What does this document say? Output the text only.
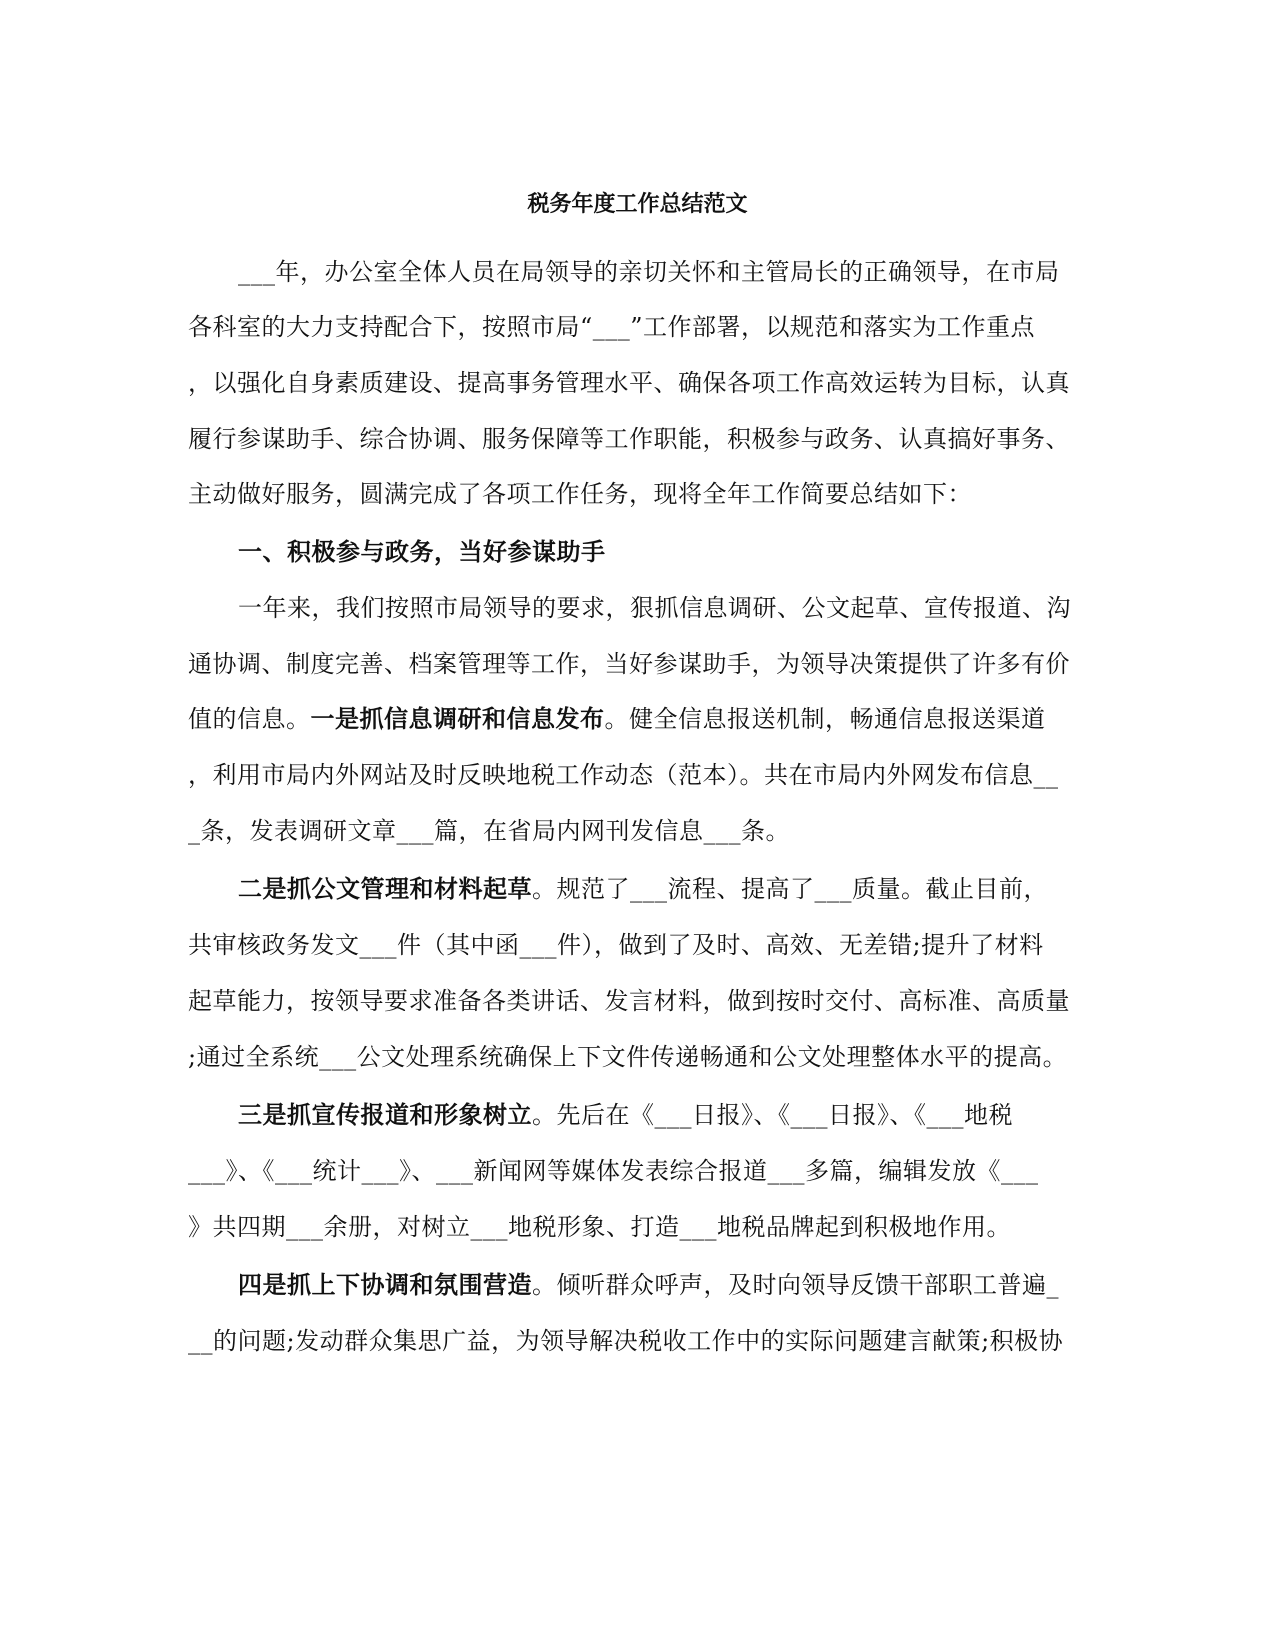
税务年度工作总结范文
___年，办公室全体人员在局领导的亲切关怀和主管局长的正确领导，在市局
各科室的大力支持配合下，按照市局“___”工作部署，以规范和落实为工作重点
，以强化自身素质建设、提高事务管理水平、确保各项工作高效运转为目标，认真
履行参谋助手、综合协调、服务保障等工作职能，积极参与政务、认真搞好事务、
主动做好服务，圆满完成了各项工作任务，现将全年工作简要总结如下：
一、积极参与政务，当好参谋助手
一年来，我们按照市局领导的要求，狠抓信息调研、公文起草、宣传报道、沟
通协调、制度完善、档案管理等工作，当好参谋助手，为领导决策提供了许多有价
值的信息。一是抓信息调研和信息发布。健全信息报送机制，畅通信息报送渠道
，利用市局内外网站及时反映地税工作动态（范本）。共在市局内外网发布信息__
_条，发表调研文章___篇，在省局内网刊发信息___条。
二是抓公文管理和材料起草。规范了___流程、提高了___质量。截止目前，
共审核政务发文___件（其中函___件），做到了及时、高效、无差错;提升了材料
起草能力，按领导要求准备各类讲话、发言材料，做到按时交付、高标准、高质量
;通过全系统___公文处理系统确保上下文件传递畅通和公文处理整体水平的提高。
三是抓宣传报道和形象树立。先后在《___日报》、《___日报》、《___地税
___》、《___统计___》、___新闻网等媒体发表综合报道___多篇，编辑发放《___
》共四期___余册，对树立___地税形象、打造___地税品牌起到积极地作用。
四是抓上下协调和氛围营造。倾听群众呼声，及时向领导反馈干部职工普遍_
__的问题;发动群众集思广益，为领导解决税收工作中的实际问题建言献策;积极协
